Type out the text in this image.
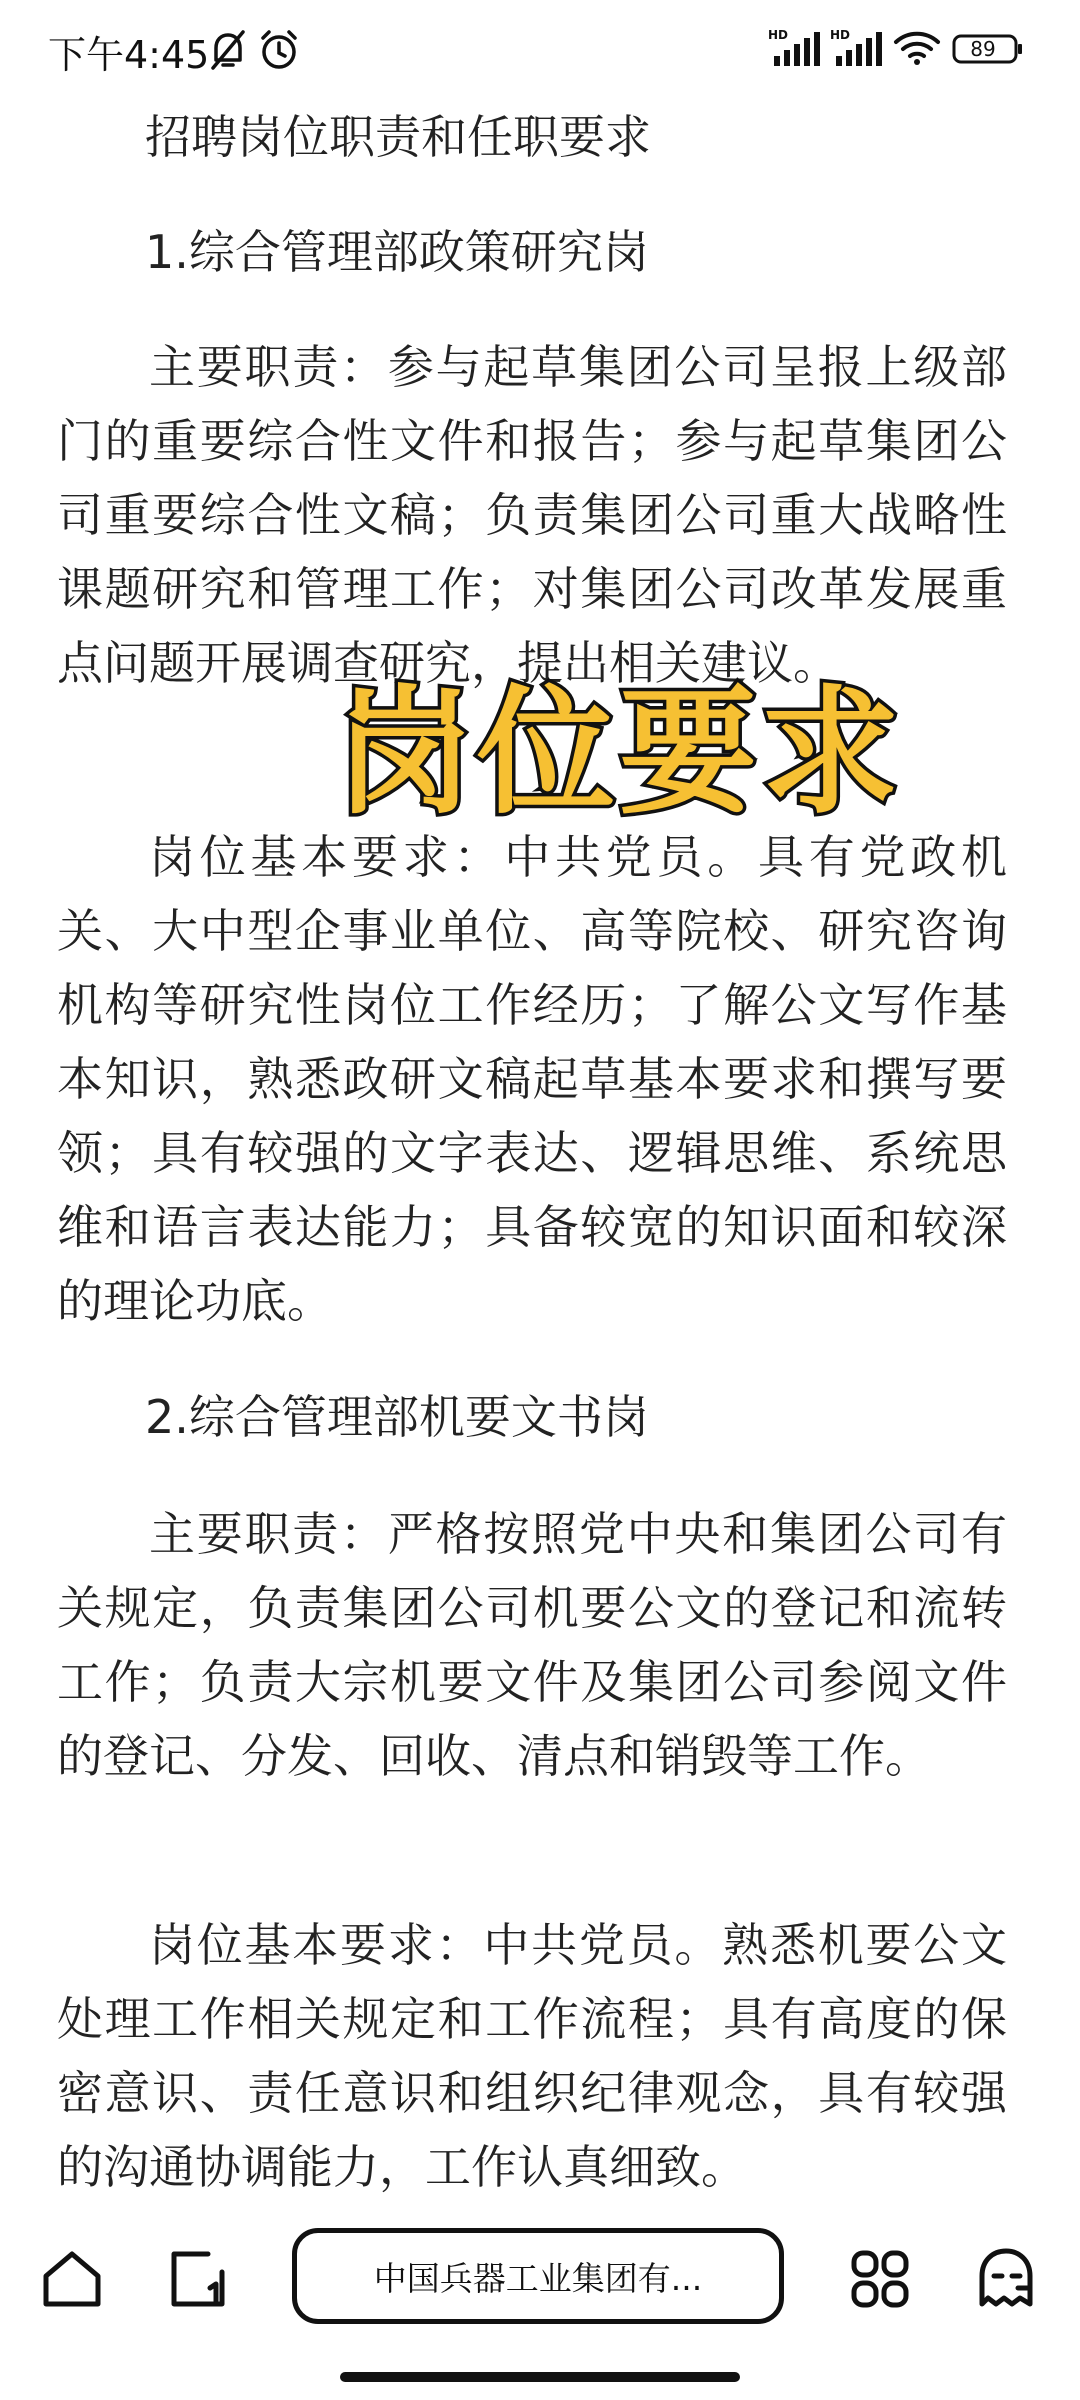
下午4:45	HD	HD
89
招聘岗位职责和任职要求
1.综合管理部政策研究岗

主要职责：参与起草集团公司呈报上级部门的重要综合性文件和报告；参与起草集团公司重要综合性文稿；负责集团公司重大战略性课题研究和管理工作；对集团公司改革发展重点问题开展调查研究，提出相关建议。

岗位基本要求：中共党员。具有党政机关、大中型企事业单位、高等院校、研究咨询机构等研究性岗位工作经历；了解公文写作基本知识，熟悉政研文稿起草基本要求和撰写要领；具有较强的文字表达、逻辑思维、系统思维和语言表达能力；具备较宽的知识面和较深的理论功底。

2.综合管理部机要文书岗

主要职责：严格按照党中央和集团公司有关规定，负责集团公司机要公文的登记和流转工作；负责大宗机要文件及集团公司参阅文件的登记、分发、回收、清点和销毁等工作。

岗位基本要求：中共党员。熟悉机要公文处理工作相关规定和工作流程；具有高度的保密意识、责任意识和组织纪律观念，具有较强的沟通协调能力，工作认真细致。

岗位要求
中国兵器工业集团有...
